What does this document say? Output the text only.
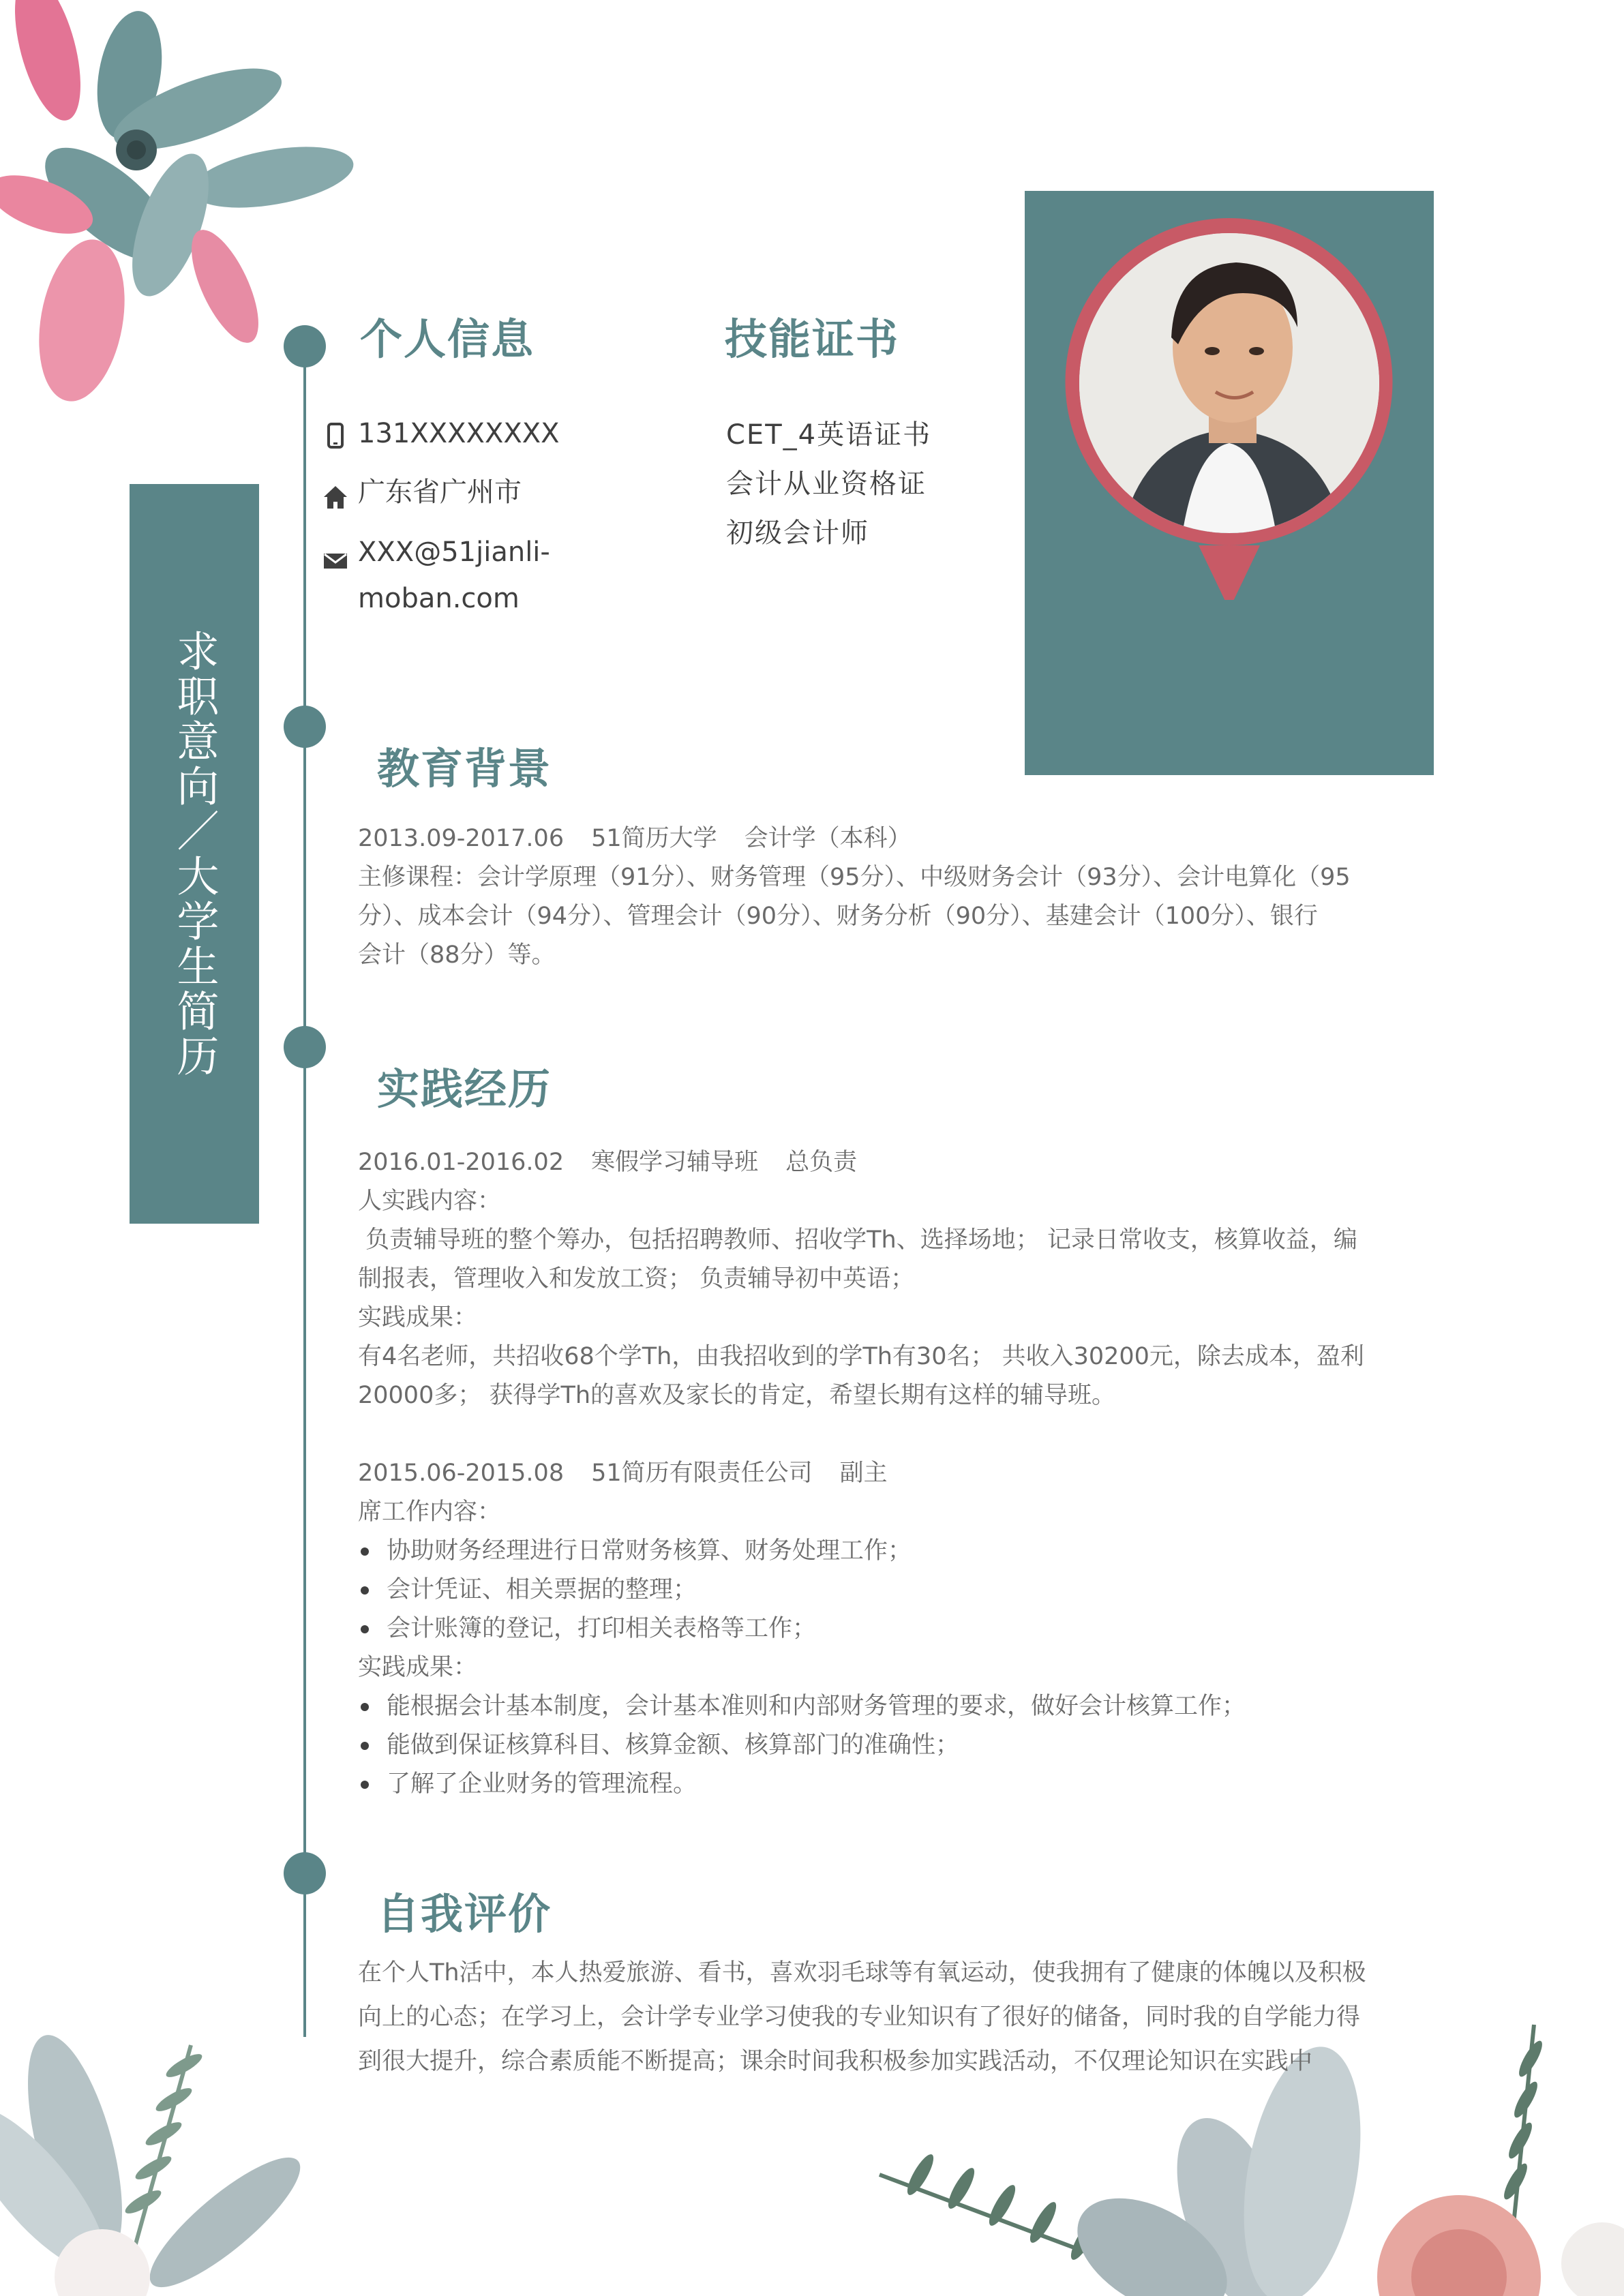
求职意向／大学生简历
个人信息
131XXXXXXXX
广东省广州市
XXX@51jianli-
moban.com
技能证书
CET_4英语证书
会计从业资格证
初级会计师
教育背景

2013.09-2017.06 51简历大学 会计学（本科）

主修课程：会计学原理（91分）、财务管理（95分）、中级财务会计（93分）、会计电算化（95

分）、成本会计（94分）、管理会计（90分）、财务分析（90分）、基建会计（100分）、银行

会计（88分）等。

实践经历

2016.01-2016.02 寒假学习辅导班 总负责

人实践内容：

负责辅导班的整个筹办，包括招聘教师、招收学Th、选择场地； 记录日常收支，核算收益，编

制报表，管理收入和发放工资； 负责辅导初中英语；

实践成果：

有4名老师，共招收68个学Th，由我招收到的学Th有30名； 共收入30200元，除去成本，盈利

20000多； 获得学Th的喜欢及家长的肯定，希望长期有这样的辅导班。

2015.06-2015.08 51简历有限责任公司 副主

席工作内容：

协助财务经理进行日常财务核算、财务处理工作；

会计凭证、相关票据的整理；

会计账簿的登记，打印相关表格等工作；

实践成果：

能根据会计基本制度，会计基本准则和内部财务管理的要求，做好会计核算工作；

能做到保证核算科目、核算金额、核算部门的准确性；

了解了企业财务的管理流程。

自我评价

在个人Th活中，本人热爱旅游、看书，喜欢羽毛球等有氧运动，使我拥有了健康的体魄以及积极

向上的心态；在学习上，会计学专业学习使我的专业知识有了很好的储备，同时我的自学能力得

到很大提升，综合素质能不断提高；课余时间我积极参加实践活动，不仅理论知识在实践中
